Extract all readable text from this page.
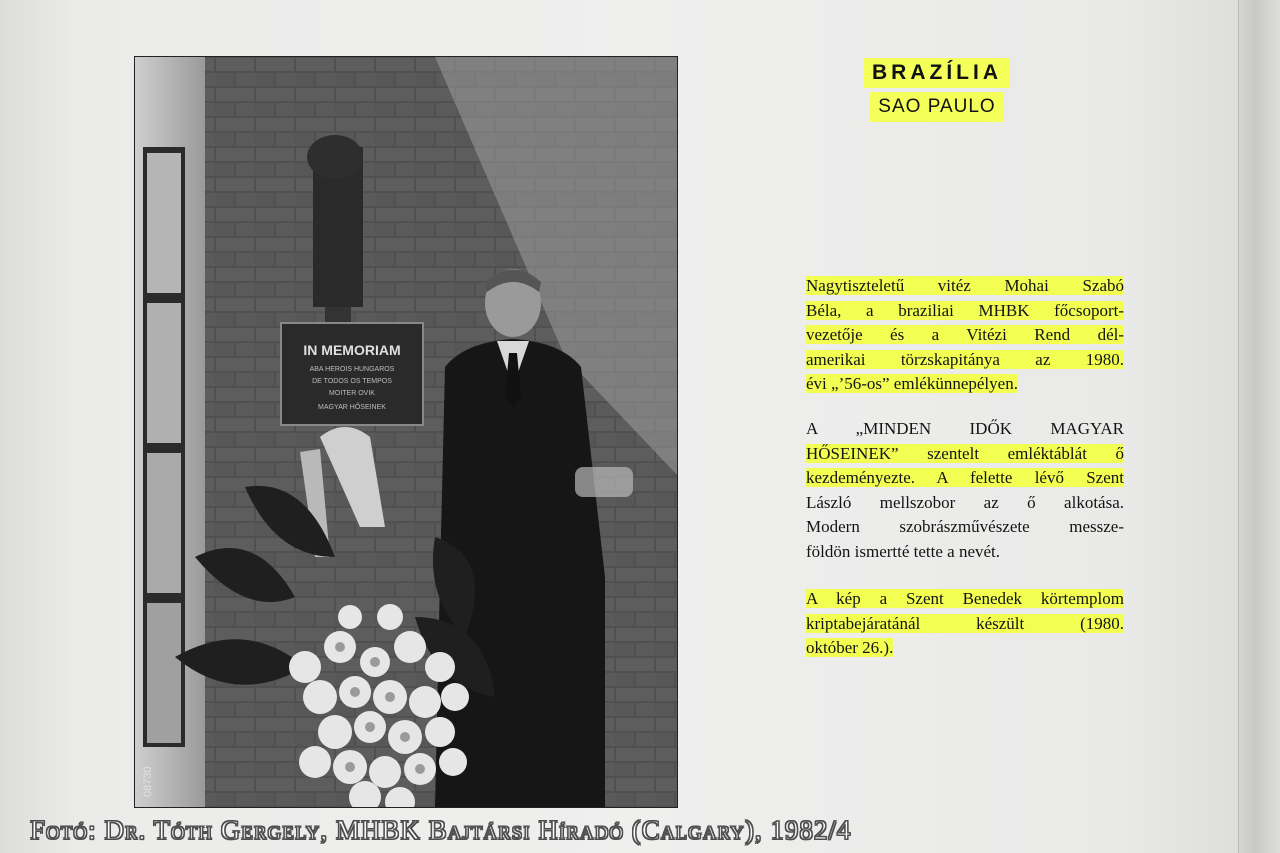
IN MEMORIAM
ABA HEROIS HUNGAROS
DE TODOS OS TEMPOS
MOITER OVIK
MAGYAR HŐSEINEK
08730
BRAZÍLIA
SAO PAULO
Nagytiszteletű vitéz Mohai Szabó
Béla, a braziliai MHBK főcsoport-
vezetője és a Vitézi Rend dél-
amerikai törzskapitánya az 1980.
évi „’56-os” emlékünnepélyen.
A „MINDEN IDŐK MAGYAR
HŐSEINEK” szentelt emléktáblát ő
kezdeményezte. A felette lévő Szent
László mellszobor az ő alkotása.
Modern szobrászművészete messze-
földön ismertté tette a nevét.
A kép a Szent Benedek körtemplom
kriptabejáratánál készült (1980.
október 26.).
Fotó: Dr. Tóth Gergely, MHBK Bajtársi Híradó (Calgary), 1982/4
